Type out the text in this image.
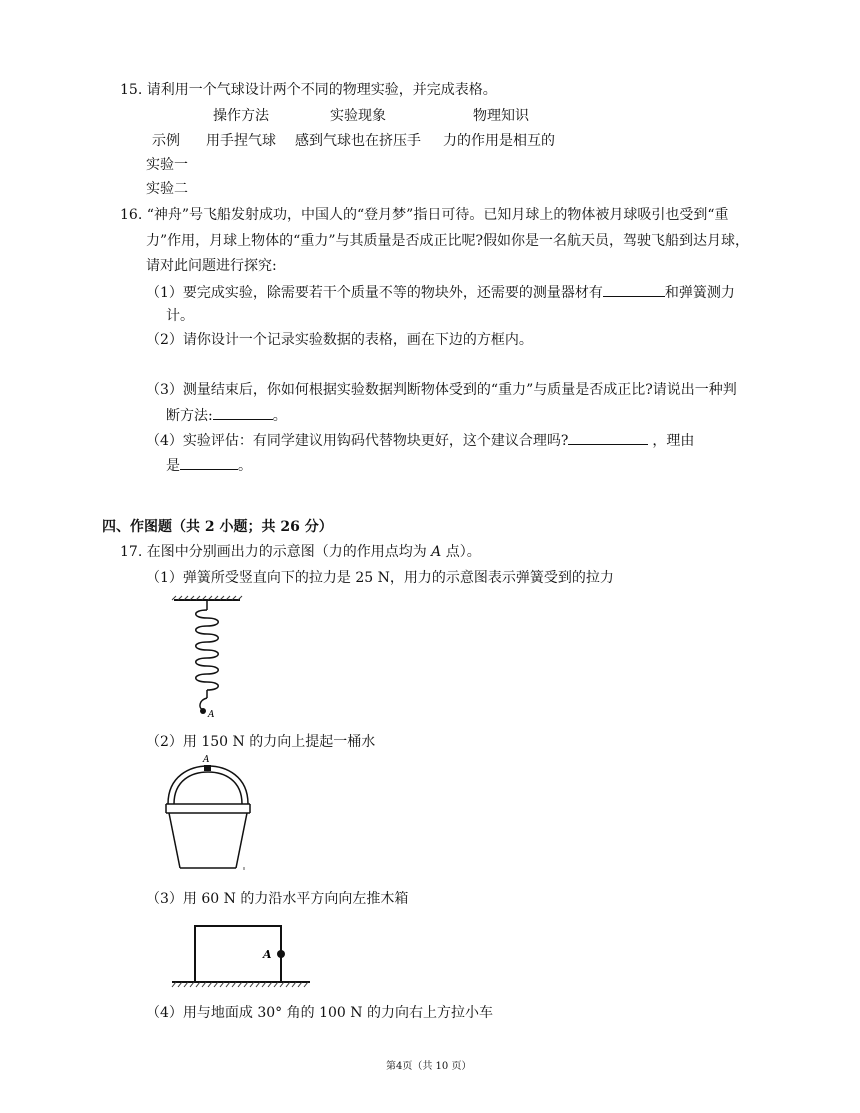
15. 请利用一个气球设计两个不同的物理实验，并完成表格。
操作方法	实验现象	物理知识
示例 用手捏气球 感到气球也在挤压手 力的作用是相互的
实验一
实验二
16. “神舟”号飞船发射成功，中国人的“登月梦”指日可待。已知月球上的物体被月球吸引也受到“重
力”作用，月球上物体的“重力”与其质量是否成正比呢?假如你是一名航天员，驾驶飞船到达月球，
请对此问题进行探究:
（1）要完成实验，除需要若干个质量不等的物块外，还需要的测量器材有	和弹簧测力
计。
（2）请你设计一个记录实验数据的表格，画在下边的方框内。
（3）测量结束后，你如何根据实验数据判断物体受到的“重力”与质量是否成正比?请说出一种判
断方法:	。
（4）实验评估：有同学建议用钩码代替物块更好，这个建议合理吗?	，理由
是	。
四、作图题（共 2 小题；共 26 分）
17. 在图中分别画出力的示意图（力的作用点均为 A 点）。
（1）弹簧所受竖直向下的拉力是 25 N，用力的示意图表示弹簧受到的拉力
A
（2）用 150 N 的力向上提起一桶水
A
（3）用 60 N 的力沿水平方向向左推木箱
A
（4）用与地面成 30° 角的 100 N 的力向右上方拉小车
第4页（共 10 页）
